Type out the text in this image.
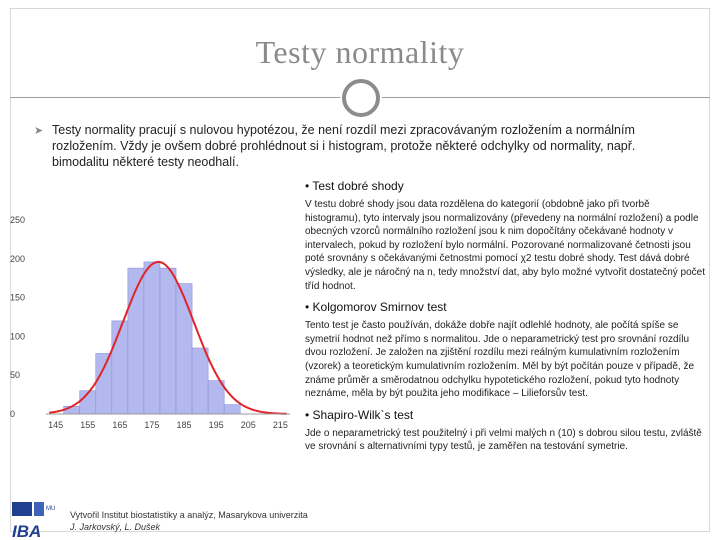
Testy normality
➤ Testy normality pracují s nulovou hypotézou, že není rozdíl mezi zpracovávaným rozložením a normálním rozložením. Vždy je ovšem dobré prohlédnout si i histogram, protože některé odchylky od normality, např. bimodalitu některé testy neodhalí.

0
50
100
150
200
250
145 155 165 175 185 195 205 215

• Test dobré shody

V testu dobré shody jsou data rozdělena do kategorií (obdobně jako při tvorbě histogramu), tyto intervaly jsou normalizovány (převedeny na normální rozložení) a podle obecných vzorců normálního rozložení jsou k nim dopočítány očekávané hodnoty v intervalech, pokud by rozložení bylo normální. Pozorované normalizované četnosti jsou poté srovnány s očekávanými četnostmi pomocí χ2 testu dobré shody. Test dává dobré výsledky, ale je náročný na n, tedy množství dat, aby bylo možné vytvořit dostatečný počet tříd hodnot.

• Kolgomorov Smirnov test

Tento test je často používán, dokáže dobře najít odlehlé hodnoty, ale počítá spíše se symetrií hodnot než přímo s normalitou. Jde o neparametrický test pro srovnání rozdílu dvou rozložení. Je založen na zjištění rozdílu mezi reálným kumulativním rozložením (vzorek) a teoretickým kumulativním rozložením. Měl by být počítán pouze v případě, že známe průměr a směrodatnou odchylku hypotetického rozložení, pokud tyto hodnoty neznáme, měla by být použita jeho modifikace – Lilieforsův test.

• Shapiro-Wilk`s test

Jde o neparametrický test použitelný i při velmi malých n (10) s dobrou silou testu, zvláště ve srovnání s alternativními typy testů, je zaměřen na testování symetrie.

MU
IBA
Vytvořil Institut biostatistiky a analýz, Masarykova univerzita
J. Jarkovský, L. Dušek
